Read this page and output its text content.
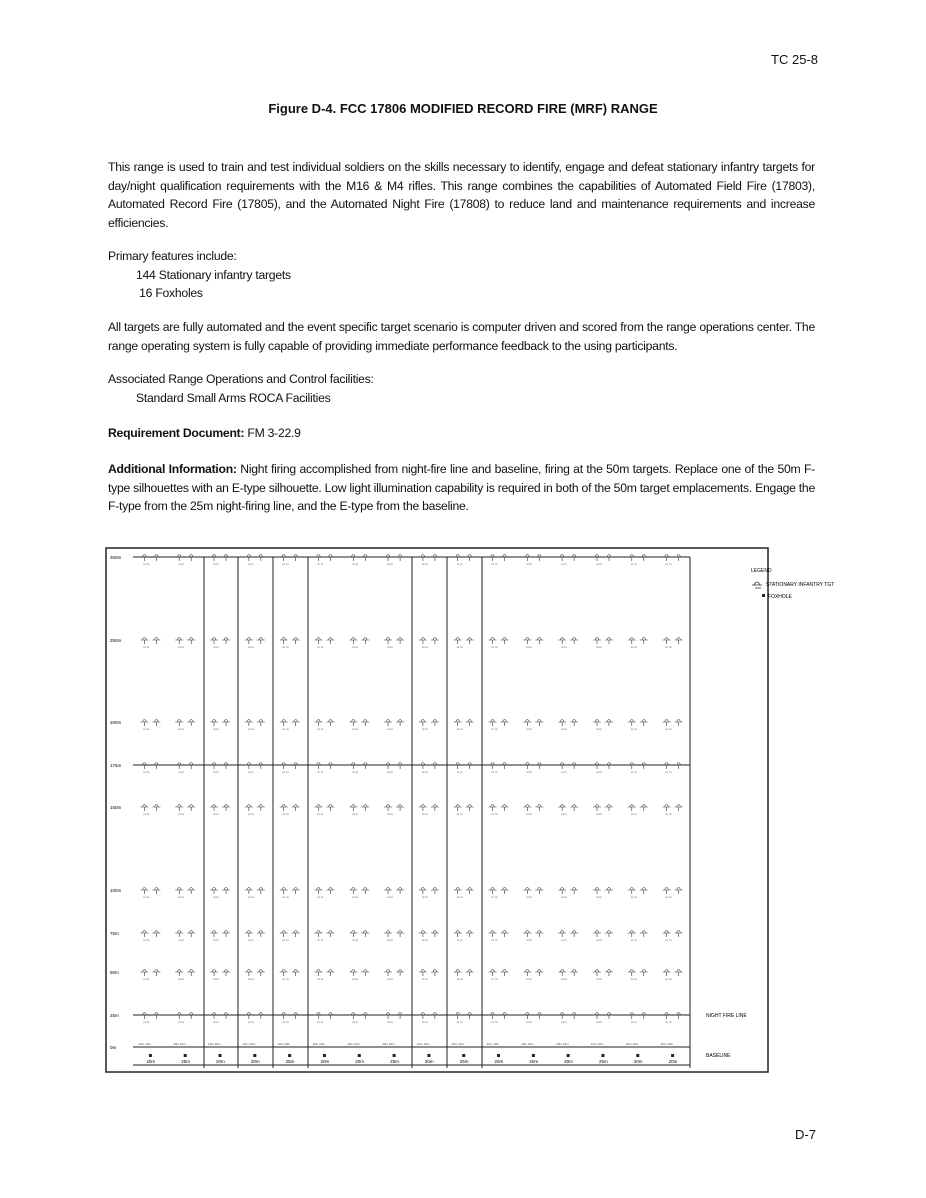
TC 25-8
Figure D-4. FCC 17806 MODIFIED RECORD FIRE (MRF) RANGE
This range is used to train and test individual soldiers on the skills necessary to identify, engage and defeat stationary infantry targets for day/night qualification requirements with the M16 & M4 rifles. This range combines the capabilities of Automated Field Fire (17803), Automated Record Fire (17805), and the Automated Night Fire (17808) to reduce land and maintenance requirements and increase efficiencies.
Primary features include:
144 Stationary infantry targets
16 Foxholes
All targets are fully automated and the event specific target scenario is computer driven and scored from the range operations center. The range operating system is fully capable of providing immediate performance feedback to the using participants.
Associated Range Operations and Control facilities:
Standard Small Arms ROCA Facilities
Requirement Document: FM 3-22.9
Additional Information: Night firing accomplished from night-fire line and baseline, firing at the 50m targets. Replace one of the 50m F-type silhouettes with an E-type silhouette. Low light illumination capability is required in both of the 50m target emplacements. Engage the F-type from the 25m night-firing line, and the E-type from the baseline.
300m
250m
200m
175m
150m
100m
75m
50m
25m
0m
m m	m m	m m	m m	m m	m m	m m	m m	m m	m m	m m	m m	m m	m m	m m	m m
m m	m m	m m	m m	m m	m m	m m	m m	m m	m m	m m	m m	m m	m m	m m	m m
m m	m m	m m	m m	m m	m m	m m	m m	m m	m m	m m	m m	m m	m m	m m	m m
m m	m m	m m	m m	m m	m m	m m	m m	m m	m m	m m	m m	m m	m m	m m	m m
m m	m m	m m	m m	m m	m m	m m	m m	m m	m m	m m	m m	m m	m m	m m	m m
m m	m m	m m	m m	m m	m m	m m	m m	m m	m m	m m	m m	m m	m m	m m	m m
m m	m m	m m	m m	m m	m m	m m	m m	m m	m m	m m	m m	m m	m m	m m	m m
m m	m m	m m	m m	m m	m m	m m	m m	m m	m m	m m	m m	m m	m m	m m	m m
m m	m m	m m	m m	m m	m m	m m	m m	m m	m m	m m	m m	m m	m m	m m	m m
20m
10m 10m
25m
10m 10m
20m
10m 10m
20m
10m 10m
25m
10m 10m
20m
10m 10m
20m
10m 10m
25m
10m 10m
20m
10m 10m
25m
10m 10m
20m
10m 10m
20m
10m 10m
20m
10m 10m
25m
10m 10m
20m
10m 10m
20m
10m 10m
LEGEND
STATIONARY INFANTRY TGT
FOXHOLE
NIGHT FIRE LINE
BASELINE
D-7
